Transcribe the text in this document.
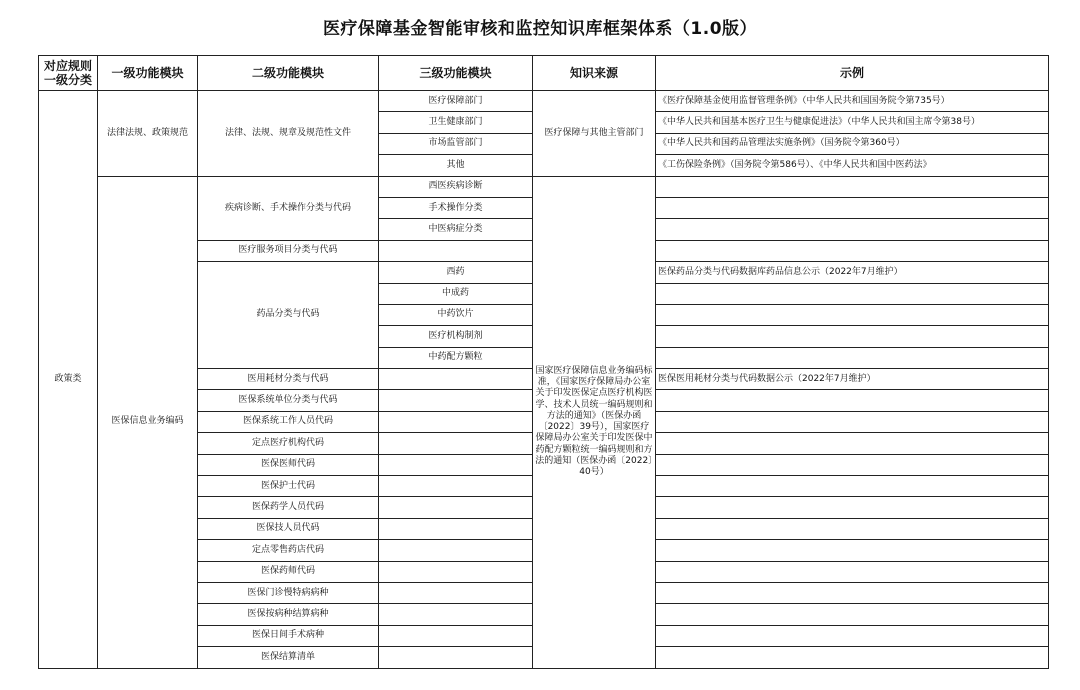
医疗保障基金智能审核和监控知识库框架体系（1.0版）
对应规则一级分类	一级功能模块	二级功能模块	三级功能模块	知识来源	示例
政策类	法律法规、政策规范	法律、法规、规章及规范性文件	医疗保障部门	医疗保障与其他主管部门	《医疗保障基金使用监督管理条例》（中华人民共和国国务院令第735号）
			卫生健康部门		《中华人民共和国基本医疗卫生与健康促进法》（中华人民共和国主席令第38号）
			市场监管部门		《中华人民共和国药品管理法实施条例》（国务院令第360号）
			其他		《工伤保险条例》（国务院令第586号）、《中华人民共和国中医药法》
	医保信息业务编码	疾病诊断、手术操作分类与代码	西医疾病诊断	国家医疗保障信息业务编码标准，《国家医疗保障局办公室关于印发医保定点医疗机构医学、技术人员统一编码规则和方法的通知》（医保办函〔2022〕39号），国家医疗保障局办公室关于印发医保中药配方颗粒统一编码规则和方法的通知（医保办函〔2022〕40号）	
			手术操作分类		
			中医病症分类		
		医疗服务项目分类与代码			
		药品分类与代码	西药		医保药品分类与代码数据库药品信息公示（2022年7月维护）
			中成药		
			中药饮片		
			医疗机构制剂		
			中药配方颗粒		
		医用耗材分类与代码			医保医用耗材分类与代码数据公示（2022年7月维护）
		医保系统单位分类与代码			
		医保系统工作人员代码			
		定点医疗机构代码			
		医保医师代码			
		医保护士代码			
		医保药学人员代码			
		医保技人员代码			
		定点零售药店代码			
		医保药师代码			
		医保门诊慢特病病种			
		医保按病种结算病种			
		医保日间手术病种			
		医保结算清单			
